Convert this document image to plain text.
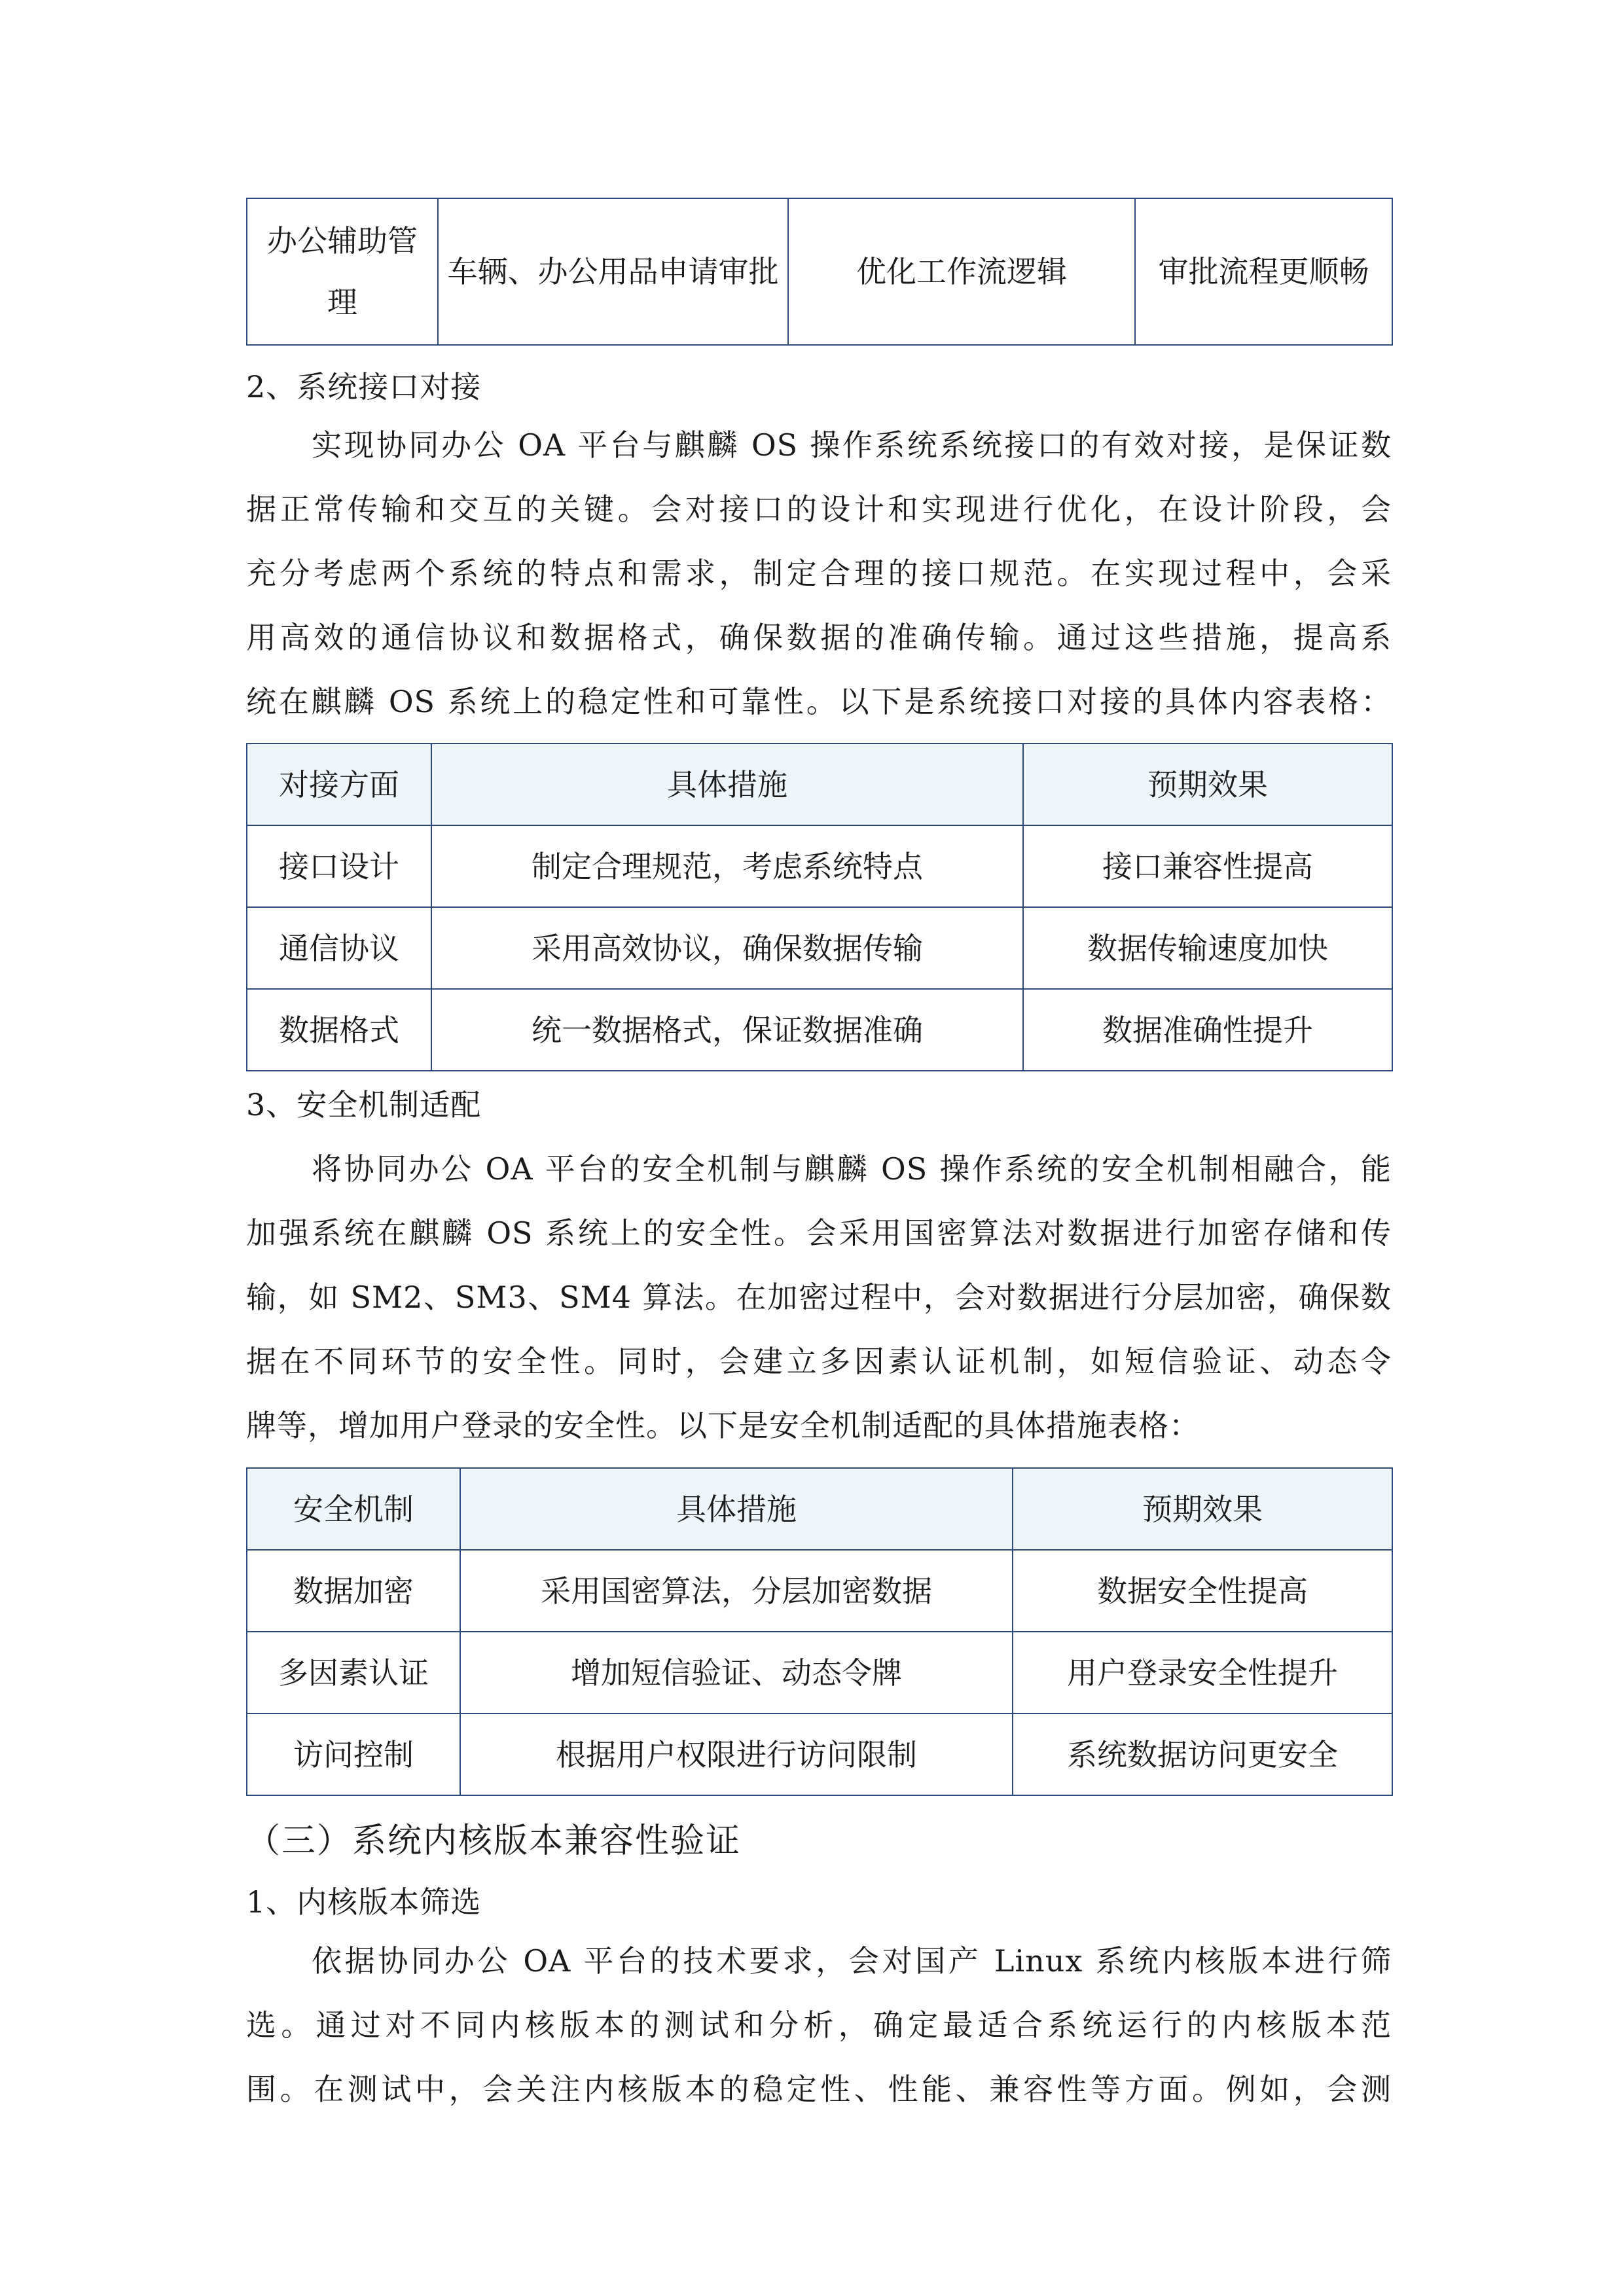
办公辅助管理	车辆、办公用品申请审批	优化工作流逻辑	审批流程更顺畅
2、系统接口对接
实现协同办公 OA 平台与麒麟 OS 操作系统系统接口的有效对接，是保证数
据正常传输和交互的关键。会对接口的设计和实现进行优化，在设计阶段，会
充分考虑两个系统的特点和需求，制定合理的接口规范。在实现过程中，会采
用高效的通信协议和数据格式，确保数据的准确传输。通过这些措施，提高系
统在麒麟 OS 系统上的稳定性和可靠性。以下是系统接口对接的具体内容表格：
对接方面	具体措施	预期效果
接口设计	制定合理规范，考虑系统特点	接口兼容性提高
通信协议	采用高效协议，确保数据传输	数据传输速度加快
数据格式	统一数据格式，保证数据准确	数据准确性提升
3、安全机制适配
将协同办公 OA 平台的安全机制与麒麟 OS 操作系统的安全机制相融合，能
加强系统在麒麟 OS 系统上的安全性。会采用国密算法对数据进行加密存储和传
输，如 SM2、SM3、SM4 算法。在加密过程中，会对数据进行分层加密，确保数
据在不同环节的安全性。同时，会建立多因素认证机制，如短信验证、动态令
牌等，增加用户登录的安全性。以下是安全机制适配的具体措施表格：
安全机制	具体措施	预期效果
数据加密	采用国密算法，分层加密数据	数据安全性提高
多因素认证	增加短信验证、动态令牌	用户登录安全性提升
访问控制	根据用户权限进行访问限制	系统数据访问更安全
（三）系统内核版本兼容性验证
1、内核版本筛选
依据协同办公 OA 平台的技术要求，会对国产 Linux 系统内核版本进行筛
选。通过对不同内核版本的测试和分析，确定最适合系统运行的内核版本范
围。在测试中，会关注内核版本的稳定性、性能、兼容性等方面。例如，会测
